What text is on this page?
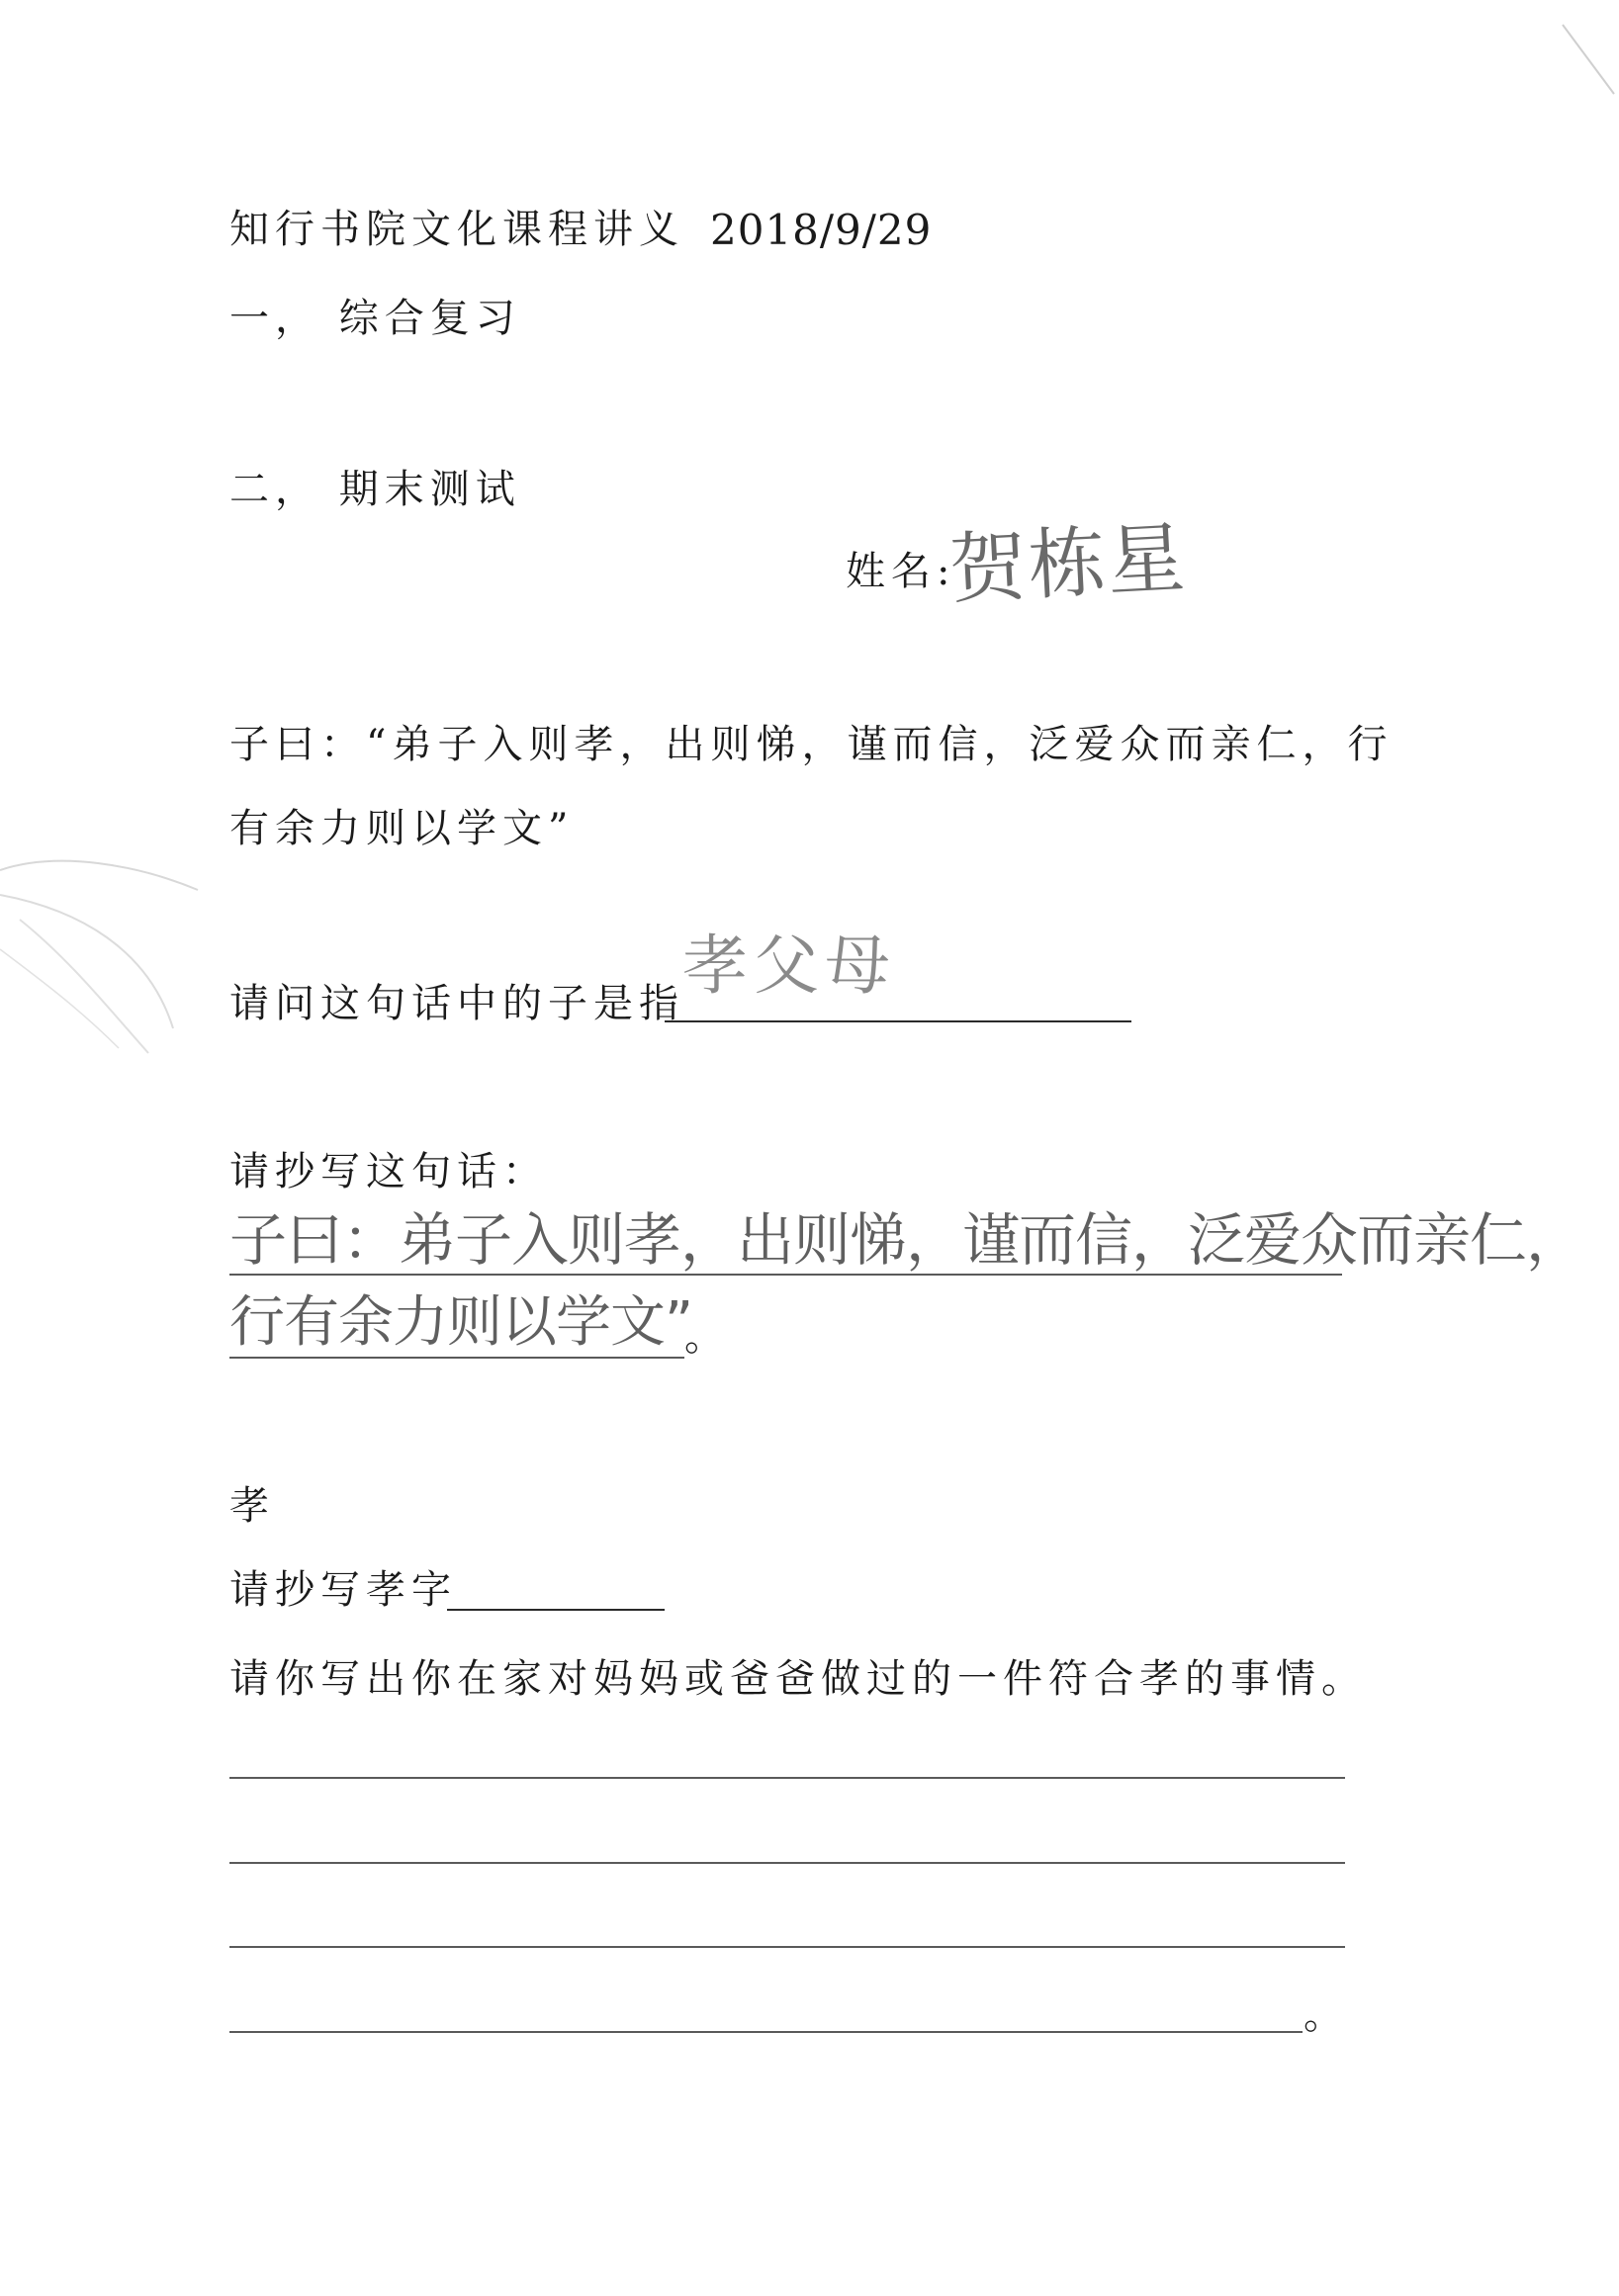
知行书院文化课程讲义 2018/9/29
一， 综合复习
二， 期末测试
姓名:
贺栋星
子曰：“弟子入则孝，出则悌，谨而信，泛爱众而亲仁，行
有余力则以学文”
请问这句话中的子是指
孝父母
请抄写这句话：
子曰：弟子入则孝，出则悌，谨而信，泛爱众而亲仁，
行有余力则以学文”
。
孝
请抄写孝字
请你写出你在家对妈妈或爸爸做过的一件符合孝的事情。
。
